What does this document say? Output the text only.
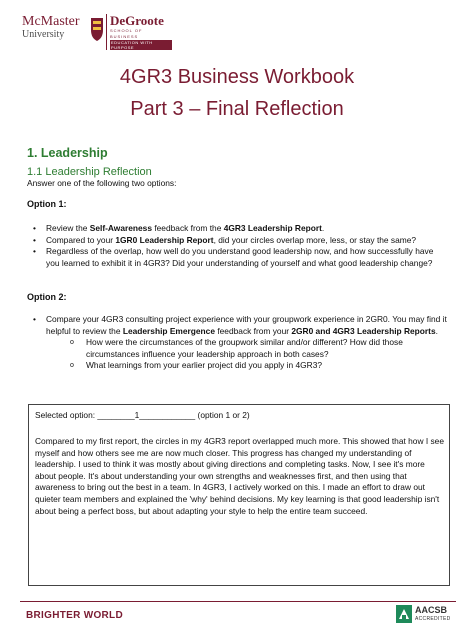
McMaster
University
DeGroote
SCHOOL OF BUSINESS
EDUCATION WITH PURPOSE
4GR3 Business Workbook
Part 3 – Final Reflection
1. Leadership
1.1 Leadership Reflection
Answer one of the following two options:
Option 1:
• Review the Self-Awareness feedback from the 4GR3 Leadership Report.
• Compared to your 1GR0 Leadership Report, did your circles overlap more, less, or stay the same?
• Regardless of the overlap, how well do you understand good leadership now, and how successfully have you learned to exhibit it in 4GR3? Did your understanding of yourself and what good leadership change?
Option 2:
• Compare your 4GR3 consulting project experience with your groupwork experience in 2GR0. You may find it helpful to review the Leadership Emergence feedback from your 2GR0 and 4GR3 Leadership Reports.
o How were the circumstances of the groupwork similar and/or different? How did those circumstances influence your leadership approach in both cases?
o What learnings from your earlier project did you apply in 4GR3?
Selected option: ________1____________ (option 1 or 2)
Compared to my first report, the circles in my 4GR3 report overlapped much more. This showed that how I see myself and how others see me are now much closer. This progress has changed my understanding of leadership. I used to think it was mostly about giving directions and completing tasks. Now, I see it's more about people. It's about understanding your own strengths and weaknesses first, and then using that awareness to bring out the best in a team. In 4GR3, I actively worked on this. I made an effort to draw out quieter team members and explained the 'why' behind decisions. My key learning is that good leadership isn't about being a perfect boss, but about adapting your style to help the entire team succeed.
BRIGHTER WORLD	AACSB
ACCREDITED
